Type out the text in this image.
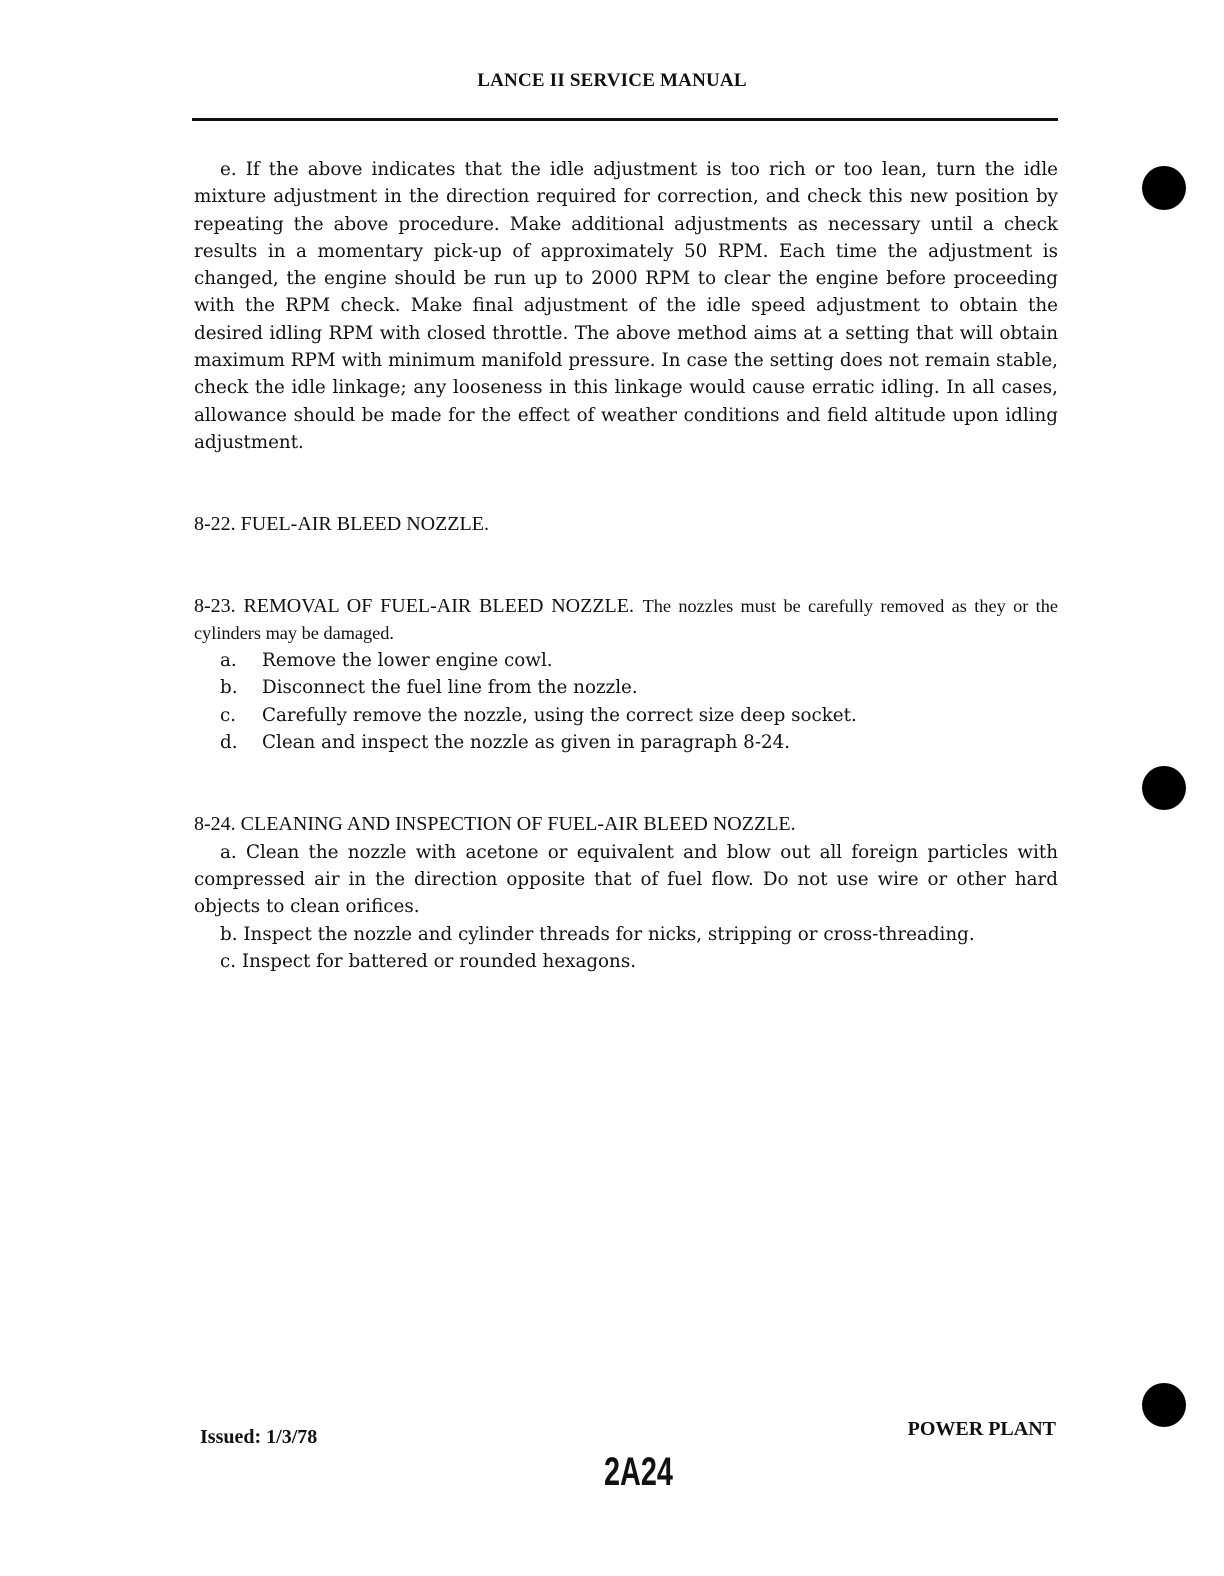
LANCE II SERVICE MANUAL

e. If the above indicates that the idle adjustment is too rich or too lean, turn the idle mixture adjustment in the direction required for correction, and check this new position by repeating the above procedure. Make additional adjustments as necessary until a check results in a momentary pick-up of approximately 50 RPM. Each time the adjustment is changed, the engine should be run up to 2000 RPM to clear the engine before proceeding with the RPM check. Make final adjustment of the idle speed adjustment to obtain the desired idling RPM with closed throttle. The above method aims at a setting that will obtain maximum RPM with minimum manifold pressure. In case the setting does not remain stable, check the idle linkage; any looseness in this linkage would cause erratic idling. In all cases, allowance should be made for the effect of weather conditions and field altitude upon idling adjustment.

8-22. FUEL-AIR BLEED NOZZLE.

8-23. REMOVAL OF FUEL-AIR BLEED NOZZLE. The nozzles must be carefully removed as they or the cylinders may be damaged.

a.	Remove the lower engine cowl.
b.	Disconnect the fuel line from the nozzle.
c.	Carefully remove the nozzle, using the correct size deep socket.
d.	Clean and inspect the nozzle as given in paragraph 8-24.

8-24. CLEANING AND INSPECTION OF FUEL-AIR BLEED NOZZLE.

a. Clean the nozzle with acetone or equivalent and blow out all foreign particles with compressed air in the direction opposite that of fuel flow. Do not use wire or other hard objects to clean orifices.

b. Inspect the nozzle and cylinder threads for nicks, stripping or cross-threading.

c. Inspect for battered or rounded hexagons.

Issued: 1/3/78	POWER PLANT
2A24
